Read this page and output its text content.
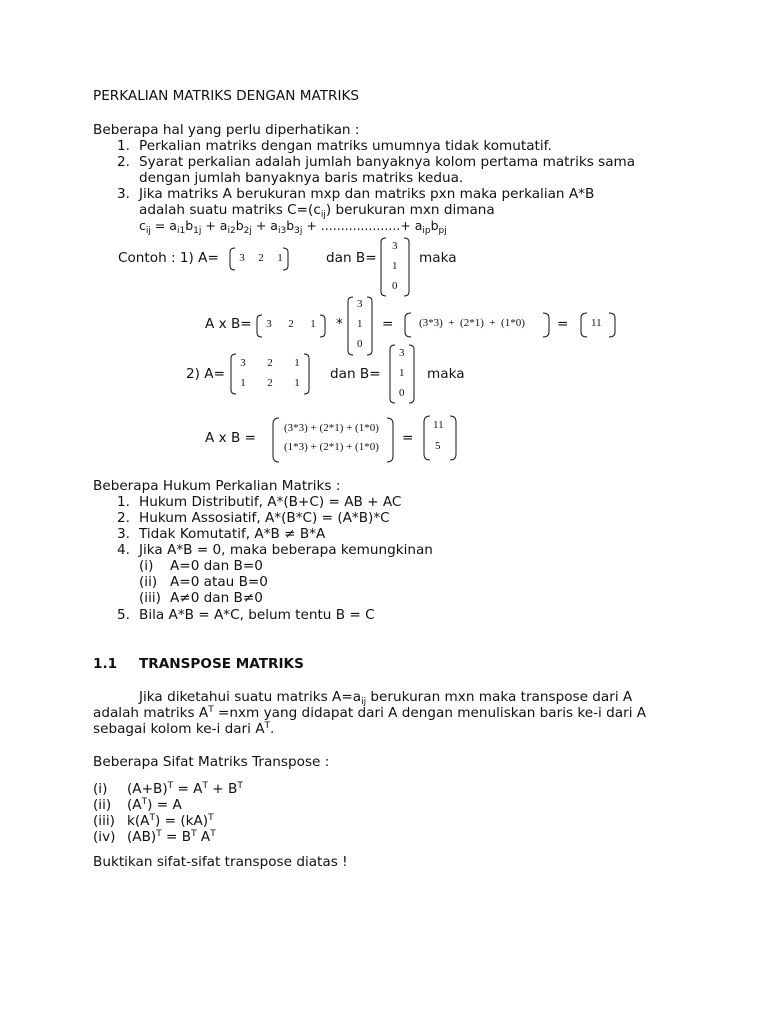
PERKALIAN MATRIKS DENGAN MATRIKS
Beberapa hal yang perlu diperhatikan :
1. Perkalian matriks dengan matriks umumnya tidak komutatif.
2. Syarat perkalian adalah jumlah banyaknya kolom pertama matriks sama
dengan jumlah banyaknya baris matriks kedua.
3. Jika matriks A berukuran mxp dan matriks pxn maka perkalian A*B
adalah suatu matriks $C=(c_{ij})$ berukuran mxn dimana
$c_{ij} = a_{i1}b_{1j} + a_{i2}b_{2j} + a_{i3}b_{3j}$ + ....................+ $a_{ip}b_{pj}$
Contoh : 1) A=	3 2 1	dan B=
3
1
0
maka
A x B=	3 2 1	*
3
1
0
= (3*3)  +  (2*1)  +  (1*0) = 11
2) A=
3 2 1
1 2 1
dan B=
3
1
0
maka
A x B =
(3*3) + (2*1) + (1*0)
(1*3) + (2*1) + (1*0)
=
11
5
Beberapa Hukum Perkalian Matriks :
1. Hukum Distributif, A*(B+C) = AB + AC
2. Hukum Assosiatif, A*(B*C) = (A*B)*C
3. Tidak Komutatif, A*B ≠ B*A
4. Jika A*B = 0, maka beberapa kemungkinan
(i) A=0 dan B=0
(ii) A=0 atau B=0
(iii) A≠0 dan B≠0
5. Bila A*B = A*C, belum tentu B = C
1.1 TRANSPOSE MATRIKS
Jika diketahui suatu matriks $A=a_{ij}$ berukuran mxn maka transpose dari A
adalah matriks $A^T =nxm$ yang didapat dari A dengan menuliskan baris ke-i dari A
sebagai kolom ke-i dari $A^T$.
Beberapa Sifat Matriks Transpose :
(i) $(A+B)^T = A^T + B^T$
(ii) $(A^T) = A$
(iii) $k(A^T) = (kA)^T$
(iv) $(AB)^T = B^T$ $A^T$
Buktikan sifat-sifat transpose diatas !
